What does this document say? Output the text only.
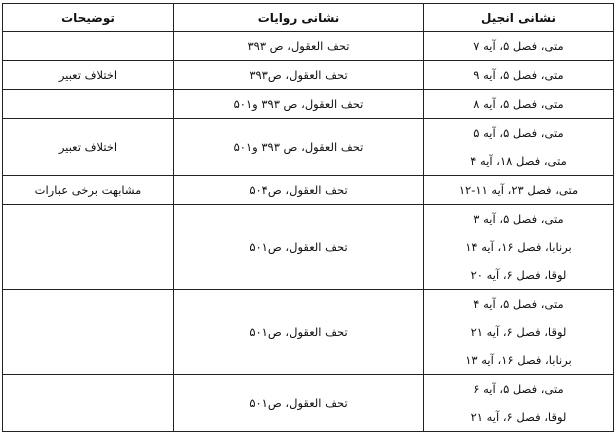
نشانی انجیل	نشانی روایات	توضیحات

متی، فصل ۵، آیه ۷	تحف العقول، ص ۳۹۳	

متی، فصل ۵، آیه ۹	تحف العقول، ص۳۹۳	اختلاف تعبیر

متی، فصل ۵، آیه ۸	تحف العقول، ص ۳۹۳ و۵۰۱	

متی، فصل ۵، آیه ۵
متی، فصل ۱۸، آیه ۴	تحف العقول، ص ۳۹۳ و۵۰۱	اختلاف تعبیر

متی، فصل ۲۳، آیه ۱۱-۱۲	تحف العقول، ص۵۰۴	مشابهت برخی عبارات

متی، فصل ۵، آیه ۳
برنابا، فصل ۱۶، آیه ۱۴
لوقا، فصل ۶، آیه ۲۰	تحف العقول، ص۵۰۱	

متی، فصل ۵، آیه ۴
لوقا، فصل ۶، آیه ۲۱
برنابا، فصل ۱۶، آیه ۱۳	تحف العقول، ص۵۰۱	

متی، فصل ۵، آیه ۶
لوقا، فصل ۶، آیه ۲۱	تحف العقول، ص۵۰۱	
